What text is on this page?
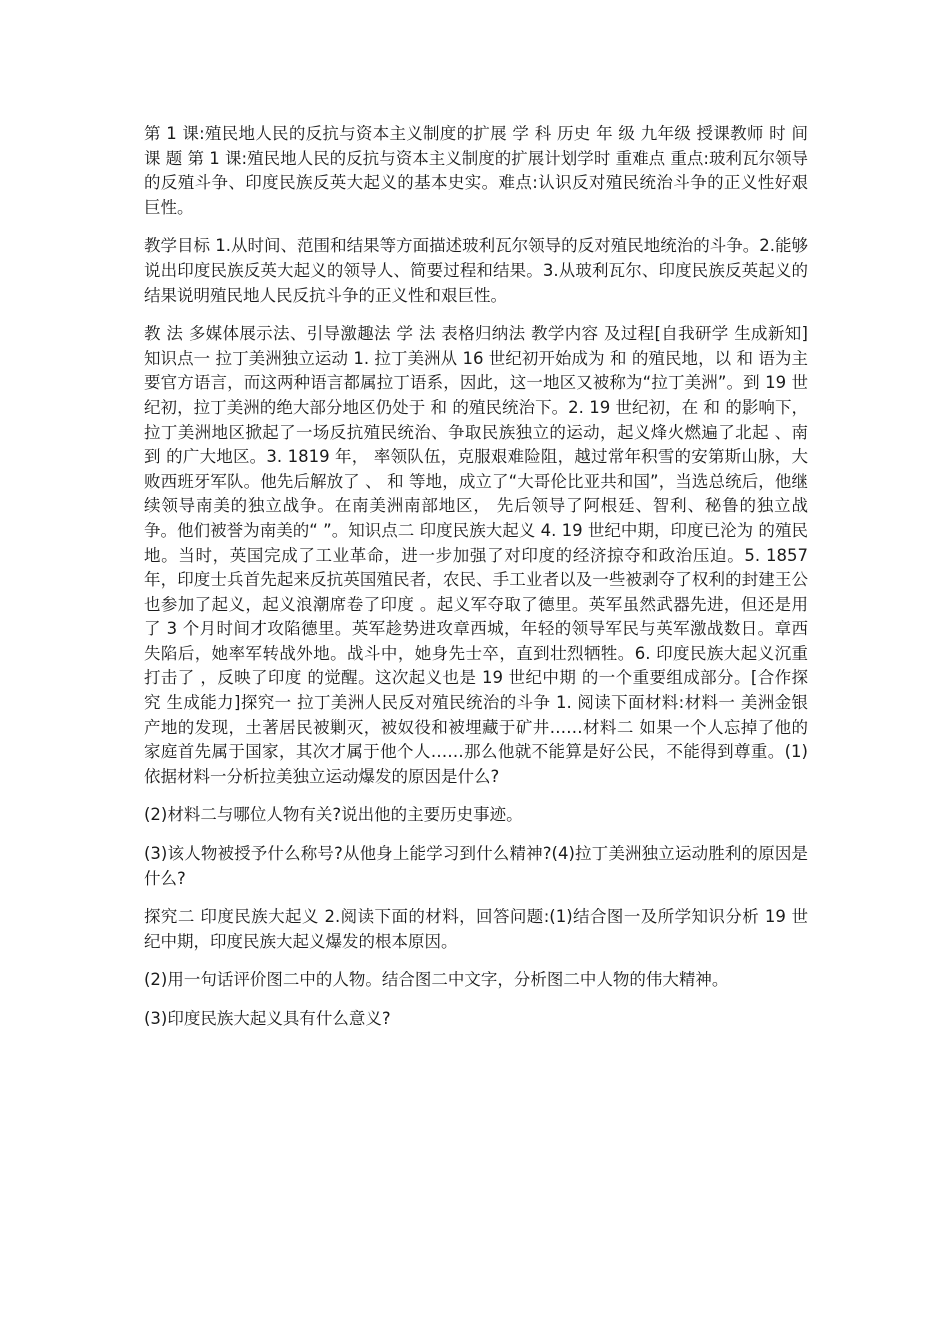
第 1 课:殖民地人民的反抗与资本主义制度的扩展 学 科 历史 年 级 九年级 授课教师 时 间 课 题 第 1 课:殖民地人民的反抗与资本主义制度的扩展计划学时 重难点 重点:玻利瓦尔领导的反殖斗争、印度民族反英大起义的基本史实。难点:认识反对殖民统治斗争的正义性好艰巨性。

教学目标 1.从时间、范围和结果等方面描述玻利瓦尔领导的反对殖民地统治的斗争。2.能够说出印度民族反英大起义的领导人、简要过程和结果。3.从玻利瓦尔、印度民族反英起义的结果说明殖民地人民反抗斗争的正义性和艰巨性。

教 法 多媒体展示法、引导激趣法 学 法 表格归纳法 教学内容 及过程[自我研学 生成新知]知识点一 拉丁美洲独立运动 1. 拉丁美洲从 16 世纪初开始成为 和 的殖民地，以 和 语为主要官方语言，而这两种语言都属拉丁语系，因此，这一地区又被称为“拉丁美洲”。到 19 世纪初，拉丁美洲的绝大部分地区仍处于 和 的殖民统治下。2. 19 世纪初，在 和 的影响下，拉丁美洲地区掀起了一场反抗殖民统治、争取民族独立的运动，起义烽火燃遍了北起 、南到 的广大地区。3. 1819 年， 率领队伍，克服艰难险阻，越过常年积雪的安第斯山脉，大败西班牙军队。他先后解放了 、 和 等地，成立了“大哥伦比亚共和国”，当选总统后，他继续领导南美的独立战争。在南美洲南部地区， 先后领导了阿根廷、智利、秘鲁的独立战争。他们被誉为南美的“ ”。知识点二 印度民族大起义 4. 19 世纪中期，印度已沦为 的殖民地。当时，英国完成了工业革命，进一步加强了对印度的经济掠夺和政治压迫。5. 1857 年，印度士兵首先起来反抗英国殖民者，农民、手工业者以及一些被剥夺了权利的封建王公也参加了起义，起义浪潮席卷了印度 。起义军夺取了德里。英军虽然武器先进，但还是用了 3 个月时间才攻陷德里。英军趁势进攻章西城，年轻的领导军民与英军激战数日。章西失陷后，她率军转战外地。战斗中，她身先士卒，直到壮烈牺牲。6. 印度民族大起义沉重打击了 ，反映了印度 的觉醒。这次起义也是 19 世纪中期 的一个重要组成部分。[合作探究 生成能力]探究一 拉丁美洲人民反对殖民统治的斗争 1. 阅读下面材料:材料一 美洲金银产地的发现，土著居民被剿灭，被奴役和被埋藏于矿井……材料二 如果一个人忘掉了他的家庭首先属于国家，其次才属于他个人……那么他就不能算是好公民，不能得到尊重。(1)依据材料一分析拉美独立运动爆发的原因是什么?

(2)材料二与哪位人物有关?说出他的主要历史事迹。

(3)该人物被授予什么称号?从他身上能学习到什么精神?(4)拉丁美洲独立运动胜利的原因是什么?

探究二 印度民族大起义 2.阅读下面的材料，回答问题:(1)结合图一及所学知识分析 19 世纪中期，印度民族大起义爆发的根本原因。

(2)用一句话评价图二中的人物。结合图二中文字，分析图二中人物的伟大精神。

(3)印度民族大起义具有什么意义?
